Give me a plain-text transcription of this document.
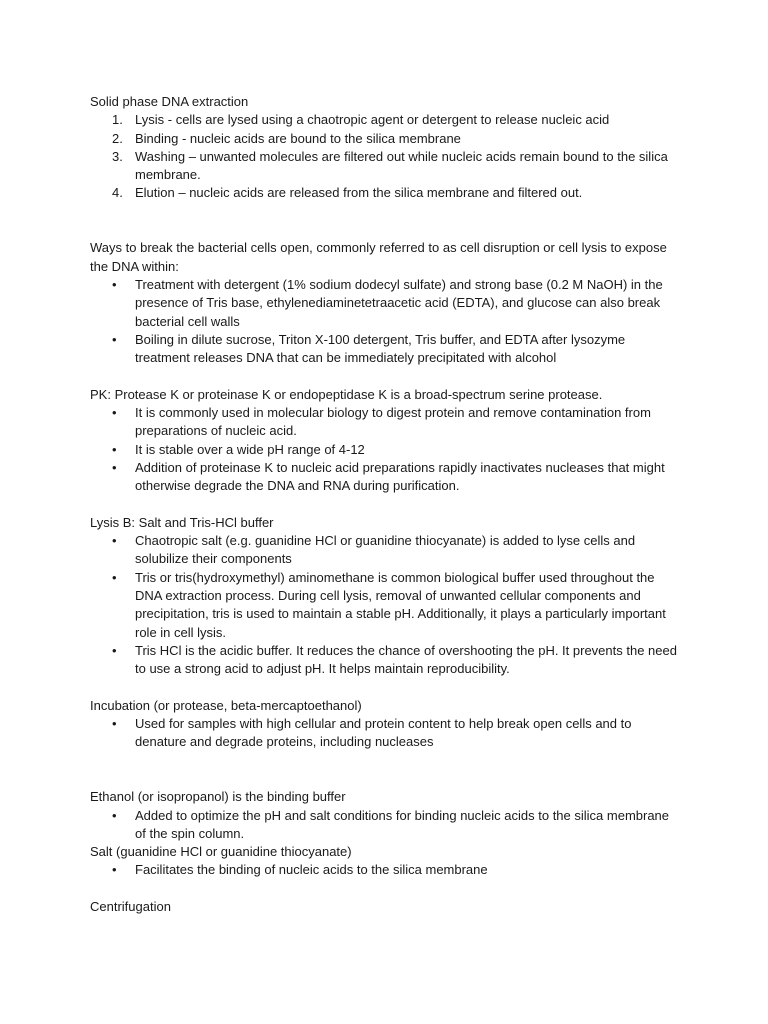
Solid phase DNA extraction

1. Lysis - cells are lysed using a chaotropic agent or detergent to release nucleic acid
2. Binding - nucleic acids are bound to the silica membrane
3. Washing – unwanted molecules are filtered out while nucleic acids remain bound to the silica membrane.
4. Elution – nucleic acids are released from the silica membrane and filtered out.

Ways to break the bacterial cells open, commonly referred to as cell disruption or cell lysis to expose the DNA within:

• Treatment with detergent (1% sodium dodecyl sulfate) and strong base (0.2 M NaOH) in the presence of Tris base, ethylenediaminetetraacetic acid (EDTA), and glucose can also break bacterial cell walls
• Boiling in dilute sucrose, Triton X-100 detergent, Tris buffer, and EDTA after lysozyme treatment releases DNA that can be immediately precipitated with alcohol

PK: Protease K or proteinase K or endopeptidase K is a broad-spectrum serine protease.

• It is commonly used in molecular biology to digest protein and remove contamination from preparations of nucleic acid.
• It is stable over a wide pH range of 4-12
• Addition of proteinase K to nucleic acid preparations rapidly inactivates nucleases that might otherwise degrade the DNA and RNA during purification.

Lysis B: Salt and Tris-HCl buffer

• Chaotropic salt (e.g. guanidine HCl or guanidine thiocyanate) is added to lyse cells and solubilize their components
• Tris or tris(hydroxymethyl) aminomethane is common biological buffer used throughout the DNA extraction process. During cell lysis, removal of unwanted cellular components and precipitation, tris is used to maintain a stable pH. Additionally, it plays a particularly important role in cell lysis.
• Tris HCl is the acidic buffer. It reduces the chance of overshooting the pH. It prevents the need to use a strong acid to adjust pH. It helps maintain reproducibility.

Incubation (or protease, beta-mercaptoethanol)

• Used for samples with high cellular and protein content to help break open cells and to denature and degrade proteins, including nucleases

Ethanol (or isopropanol) is the binding buffer

• Added to optimize the pH and salt conditions for binding nucleic acids to the silica membrane of the spin column.

Salt (guanidine HCl or guanidine thiocyanate)

• Facilitates the binding of nucleic acids to the silica membrane

Centrifugation
